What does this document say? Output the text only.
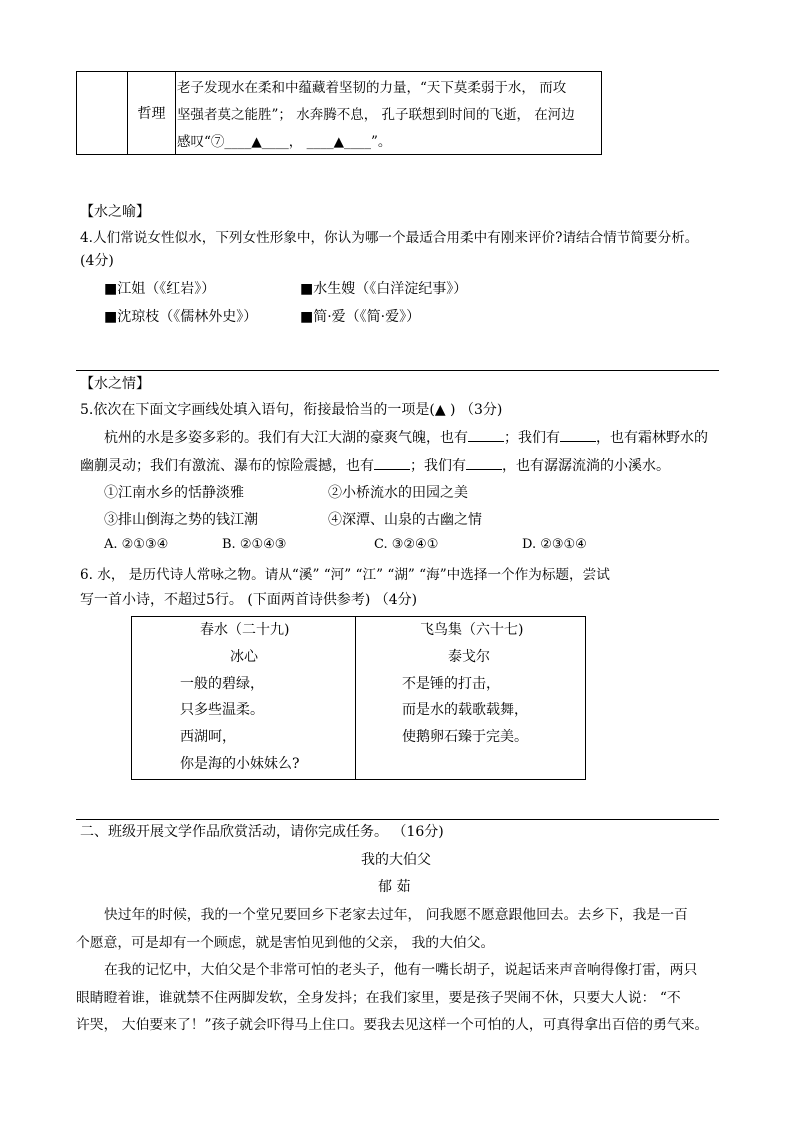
哲理
老子发现水在柔和中蕴藏着坚韧的力量，“天下莫柔弱于水， 而攻
坚强者莫之能胜”； 水奔腾不息， 孔子联想到时间的飞逝， 在河边
感叹“⑦____▲____， ____▲____”。
【水之喻】
4.人们常说女性似水，下列女性形象中，你认为哪一个最适合用柔中有刚来评价?请结合情节简要分析。
(4分)
■江姐（《红岩》）	■水生嫂（《白洋淀纪事》）
■沈琼枝（《儒林外史》）	■简·爱（《简·爱》）
【水之情】
5.依次在下面文字画线处填入语句，衔接最恰当的一项是(▲ ) （3分)
杭州的水是多姿多彩的。我们有大江大湖的豪爽气魄，也有	；我们有	，也有霜林野水的
幽蒯灵动；我们有激流、瀑布的惊险震撼，也有	；我们有	，也有潺潺流淌的小溪水。
①江南水乡的恬静淡雅	②小桥流水的田园之美
③排山倒海之势的钱江潮	④深潭、山泉的古幽之情
A. ②①③④	B. ②①④③	C. ③②④①	D. ②③①④
6. 水， 是历代诗人常咏之物。请从“溪” “河” “江” “湖” “海”中选择一个作为标题，尝试
写一首小诗，不超过5行。 (下面两首诗供参考) （4分)
春水（二十九)
冰心
一般的碧绿，
只多些温柔。
西湖呵，
你是海的小妹妹么?
飞鸟集（六十七)
泰戈尔
不是锤的打击，
而是水的载歌载舞，
使鹅卵石臻于完美。
二、班级开展文学作品欣赏活动，请你完成任务。 （16分)
我的大伯父
郁 茹
快过年的时候，我的一个堂兄要回乡下老家去过年， 问我愿不愿意跟他回去。去乡下，我是一百
个愿意，可是却有一个顾虑，就是害怕见到他的父亲， 我的大伯父。
在我的记忆中，大伯父是个非常可怕的老头子，他有一嘴长胡子，说起话来声音响得像打雷，两只
眼睛瞪着谁，谁就禁不住两脚发软，全身发抖；在我们家里，要是孩子哭闹不休，只要大人说： “不
许哭， 大伯要来了！”孩子就会吓得马上住口。要我去见这样一个可怕的人，可真得拿出百倍的勇气来。
